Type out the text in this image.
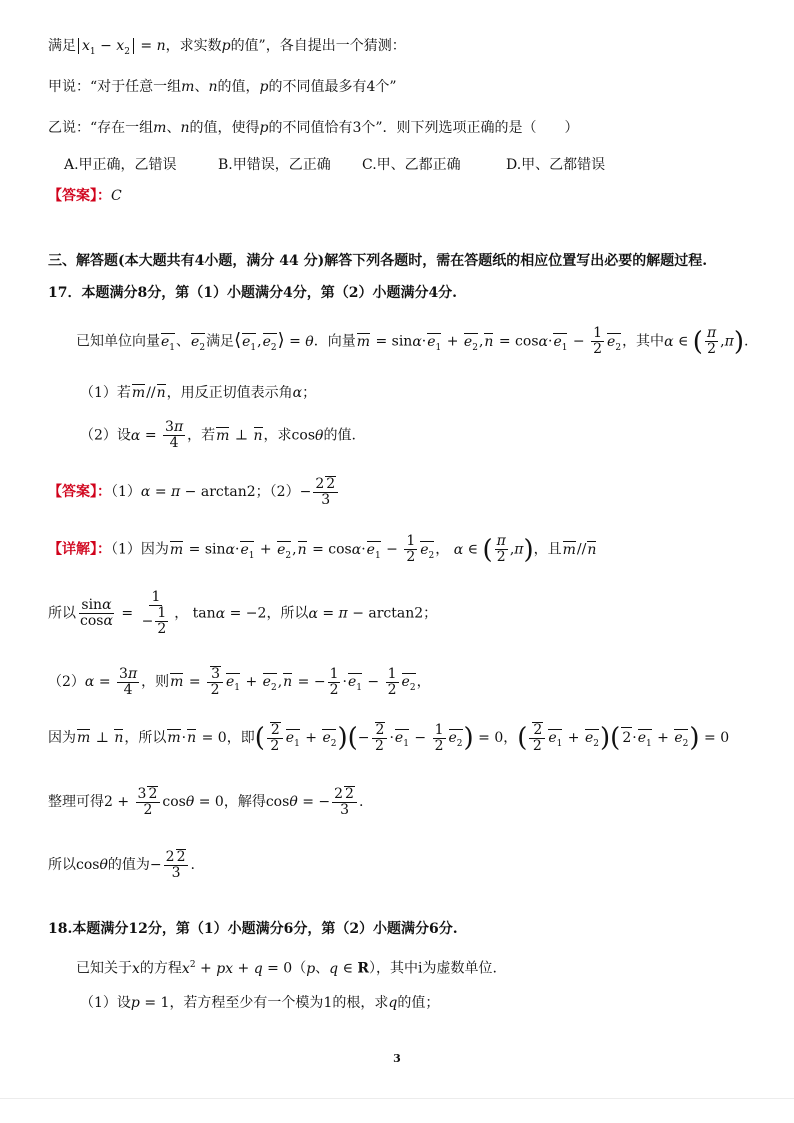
满足 $x_1 - x_2 = n$，求实数p的值”，各自提出一个猜测：
甲说：“对于任意一组m、n的值，p的不同值最多有4个”
乙说：“存在一组m、n的值，使得p的不同值恰有3个”．则下列选项正确的是（　　）
A.甲正确，乙错误	B.甲错误，乙正确 C.甲、乙都正确	D.甲、乙都错误
【答案】：C
三、解答题(本大题共有4小题，满分 44 分)解答下列各题时，需在答题纸的相应位置写出必要的解题过程.
17．本题满分8分，第（1）小题满分4分，第（2）小题满分4分.
已知单位向量$e_1$、$e_2$满足$⟨e_1,e_2⟩ = \theta$．向量$m = \sin\alpha\cdot e_1 + e_2,n = \cos\alpha\cdot e_1 - \frac{1}{2} e_2$，其中α ∈ ( $\frac{\pi}{2} ,\pi$).
（1）若m//n，用反正切值表示角α；
（2）设$\alpha = \frac{3\pi}{4}$ ，若m ⊥ n，求cosθ的值.
【答案】：（1）α = π − arctan2；$(2)- \frac{2 2}{3}$
【详解】：（1）因为$m = \sin\alpha\cdot e_1 + e_2,n = \cos\alpha\cdot e_1 - \frac{1}{2} e_2$， α ∈ ( $\frac{\pi}{2} ,\pi$)，且m//n
所以 $\frac{\sin\alpha}{\cos\alpha} = \frac{1}{- \frac{1}{2}}$ ， tanα = −2，所以α = π − arctan2；
$(2)\alpha = \frac{3\pi}{4}$ ，则$m = \frac{3}{2} e_1 + e_2,n$ = − $\frac{1}{2} \cdot e_1 - \frac{1}{2} e_2$，
因为m ⊥ n，所以m·n = 0，即( $\frac{2}{2} e_1 + e_2)(- \frac{2}{2} \cdot e_1 - \frac{1}{2} e_2) = 0$，( $\frac{2}{2} e_1 + e_2$)( $2\cdot e_1 + e_2) = 0$
整理可得$2 + \frac{3 2}{2}$ cosθ = 0，解得cosθ = − $\frac{2 2}{3}$ .
所以cosθ的值为− $\frac{2 2}{3}$ .
18.本题满分12分，第（1）小题满分6分，第（2）小题满分6分.
已知关于x的方程$x^2$ + px + q = 0（p、q ∈ R），其中i为虚数单位.
（1）设p = 1，若方程至少有一个模为1的根，求q的值；
3
